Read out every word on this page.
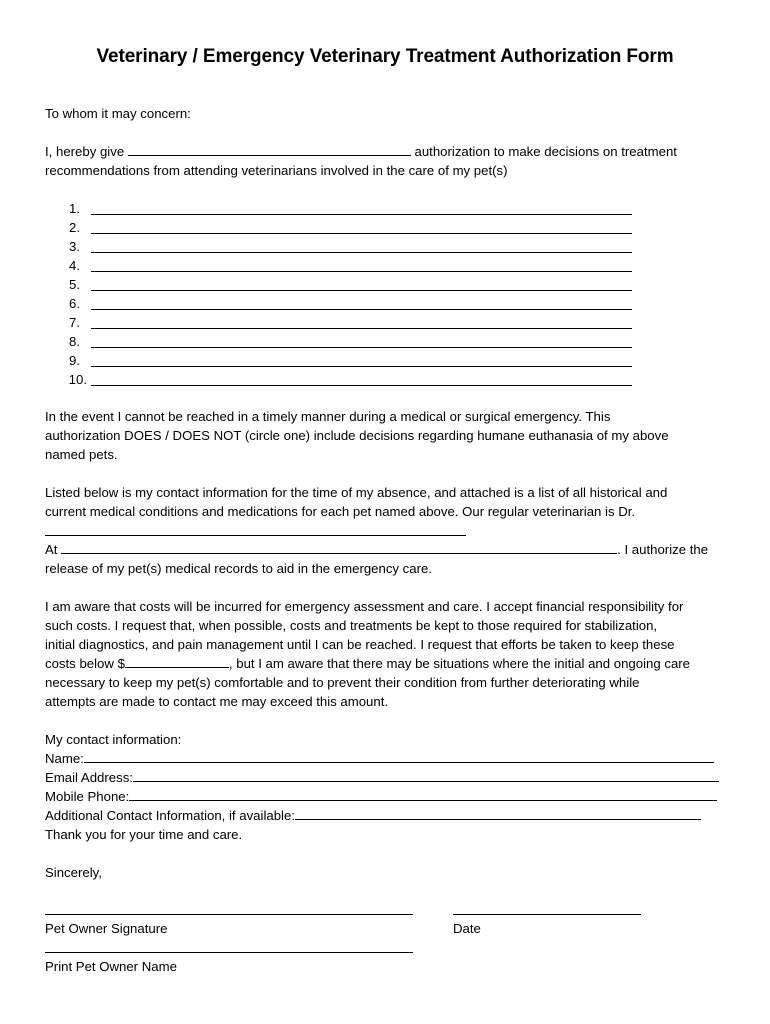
Veterinary / Emergency Veterinary Treatment Authorization Form
To whom it may concern:
I, hereby give	authorization to make decisions on treatment
recommendations from attending veterinarians involved in the care of my pet(s)
1.
2.
3.
4.
5.
6.
7.
8.
9.
10.
In the event I cannot be reached in a timely manner during a medical or surgical emergency. This
authorization DOES / DOES NOT (circle one) include decisions regarding humane euthanasia of my above
named pets.
Listed below is my contact information for the time of my absence, and attached is a list of all historical and
current medical conditions and medications for each pet named above. Our regular veterinarian is Dr.
At	. I authorize the
release of my pet(s) medical records to aid in the emergency care.
I am aware that costs will be incurred for emergency assessment and care. I accept financial responsibility for
such costs. I request that, when possible, costs and treatments be kept to those required for stabilization,
initial diagnostics, and pain management until I can be reached. I request that efforts be taken to keep these
costs below $	, but I am aware that there may be situations where the initial and ongoing care
necessary to keep my pet(s) comfortable and to prevent their condition from further deteriorating while
attempts are made to contact me may exceed this amount.
My contact information:
Name:
Email Address:
Mobile Phone:
Additional Contact Information, if available:
Thank you for your time and care.
Sincerely,
Pet Owner Signature	Date
Print Pet Owner Name
